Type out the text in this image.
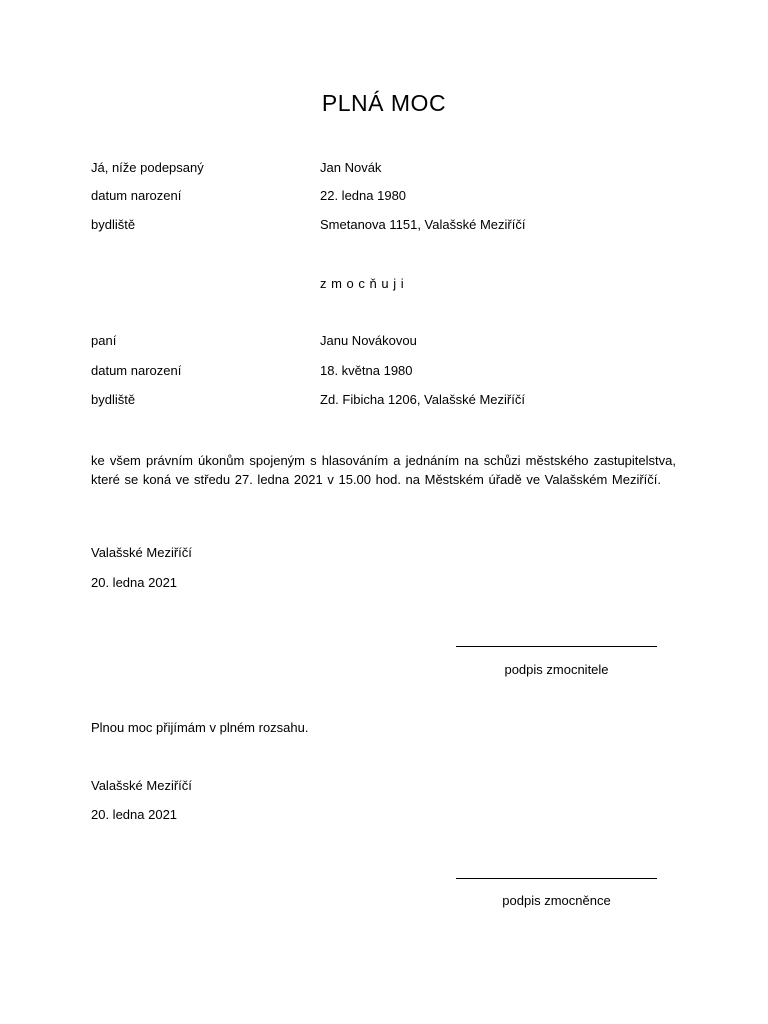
PLNÁ MOC
Já, níže podepsaný	Jan Novák
datum narození	22. ledna 1980
bydliště	Smetanova 1151, Valašské Meziříčí
z m o c ň u j i
paní	Janu Novákovou
datum narození	18. května 1980
bydliště	Zd. Fibicha 1206, Valašské Meziříčí
ke všem právním úkonům spojeným s hlasováním a jednáním na schůzi městského zastupitelstva, které se koná ve středu 27. ledna 2021 v 15.00 hod. na Městském úřadě ve Valašském Meziříčí.
Valašské Meziříčí
20. ledna 2021
podpis zmocnitele
Plnou moc přijímám v plném rozsahu.
Valašské Meziříčí
20. ledna 2021
podpis zmocněnce
